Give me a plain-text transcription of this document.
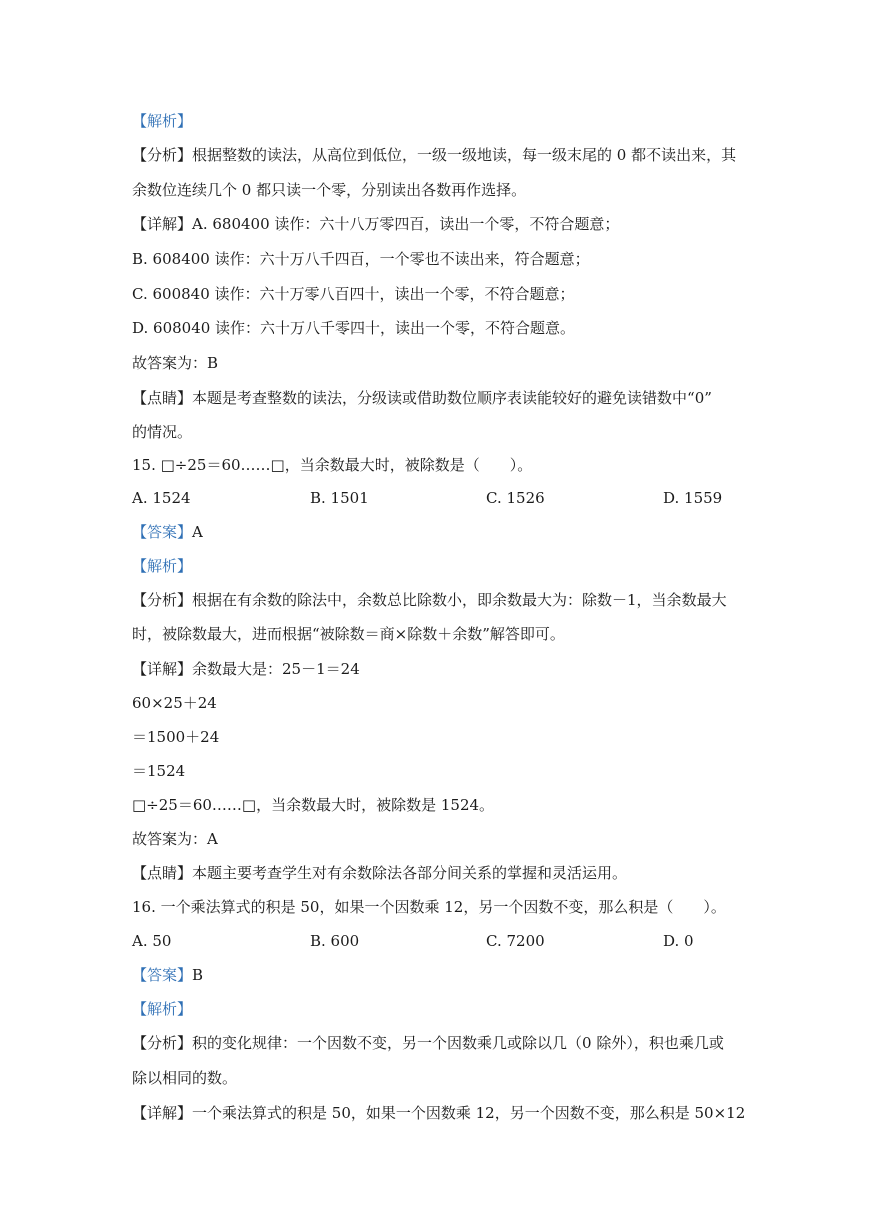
【解析】
【分析】根据整数的读法，从高位到低位，一级一级地读，每一级末尾的 0 都不读出来，其
余数位连续几个 0 都只读一个零，分别读出各数再作选择。
【详解】A. 680400 读作：六十八万零四百，读出一个零，不符合题意；
B. 608400 读作：六十万八千四百，一个零也不读出来，符合题意；
C. 600840 读作：六十万零八百四十，读出一个零，不符合题意；
D. 608040 读作：六十万八千零四十，读出一个零，不符合题意。
故答案为：B
【点睛】本题是考查整数的读法，分级读或借助数位顺序表读能较好的避免读错数中“0”
的情况。
15. □÷25＝60……□，当余数最大时，被除数是（　　）。
A. 1524	B. 1501	C. 1526	D. 1559
【答案】A
【解析】
【分析】根据在有余数的除法中，余数总比除数小，即余数最大为：除数－1，当余数最大
时，被除数最大，进而根据“被除数＝商×除数＋余数”解答即可。
【详解】余数最大是：25－1＝24
60×25＋24
＝1500＋24
＝1524
□÷25＝60……□，当余数最大时，被除数是 1524。
故答案为：A
【点睛】本题主要考查学生对有余数除法各部分间关系的掌握和灵活运用。
16. 一个乘法算式的积是 50，如果一个因数乘 12，另一个因数不变，那么积是（　　）。
A. 50	B. 600	C. 7200	D. 0
【答案】B
【解析】
【分析】积的变化规律：一个因数不变，另一个因数乘几或除以几（0 除外），积也乘几或
除以相同的数。
【详解】一个乘法算式的积是 50，如果一个因数乘 12，另一个因数不变，那么积是 50×12
